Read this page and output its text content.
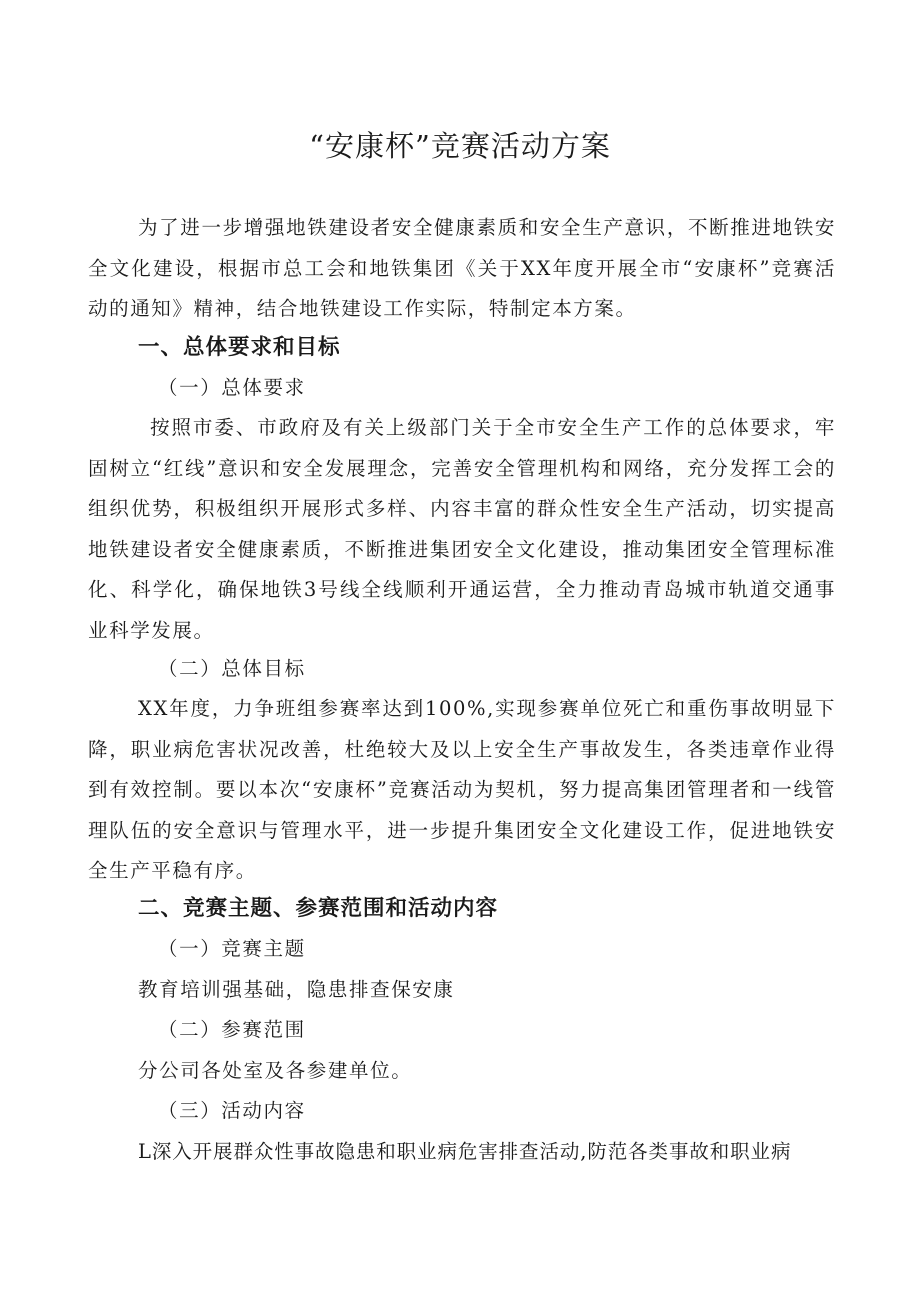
“安康杯”竞赛活动方案

为了进一步增强地铁建设者安全健康素质和安全生产意识，不断推进地铁安全文化建设，根据市总工会和地铁集团《关于XX年度开展全市“安康杯”竞赛活动的通知》精神，结合地铁建设工作实际，特制定本方案。

一、总体要求和目标
（一）总体要求

按照市委、市政府及有关上级部门关于全市安全生产工作的总体要求，牢固树立“红线”意识和安全发展理念，完善安全管理机构和网络，充分发挥工会的组织优势，积极组织开展形式多样、内容丰富的群众性安全生产活动，切实提高地铁建设者安全健康素质，不断推进集团安全文化建设，推动集团安全管理标准化、科学化，确保地铁3号线全线顺利开通运营，全力推动青岛城市轨道交通事业科学发展。

（二）总体目标

XX年度，力争班组参赛率达到100%,实现参赛单位死亡和重伤事故明显下降，职业病危害状况改善，杜绝较大及以上安全生产事故发生，各类违章作业得到有效控制。要以本次“安康杯”竞赛活动为契机，努力提高集团管理者和一线管理队伍的安全意识与管理水平，进一步提升集团安全文化建设工作，促进地铁安全生产平稳有序。

二、竞赛主题、参赛范围和活动内容
（一）竞赛主题
教育培训强基础，隐患排查保安康
（二）参赛范围
分公司各处室及各参建单位。
（三）活动内容
L深入开展群众性事故隐患和职业病危害排查活动,防范各类事故和职业病
